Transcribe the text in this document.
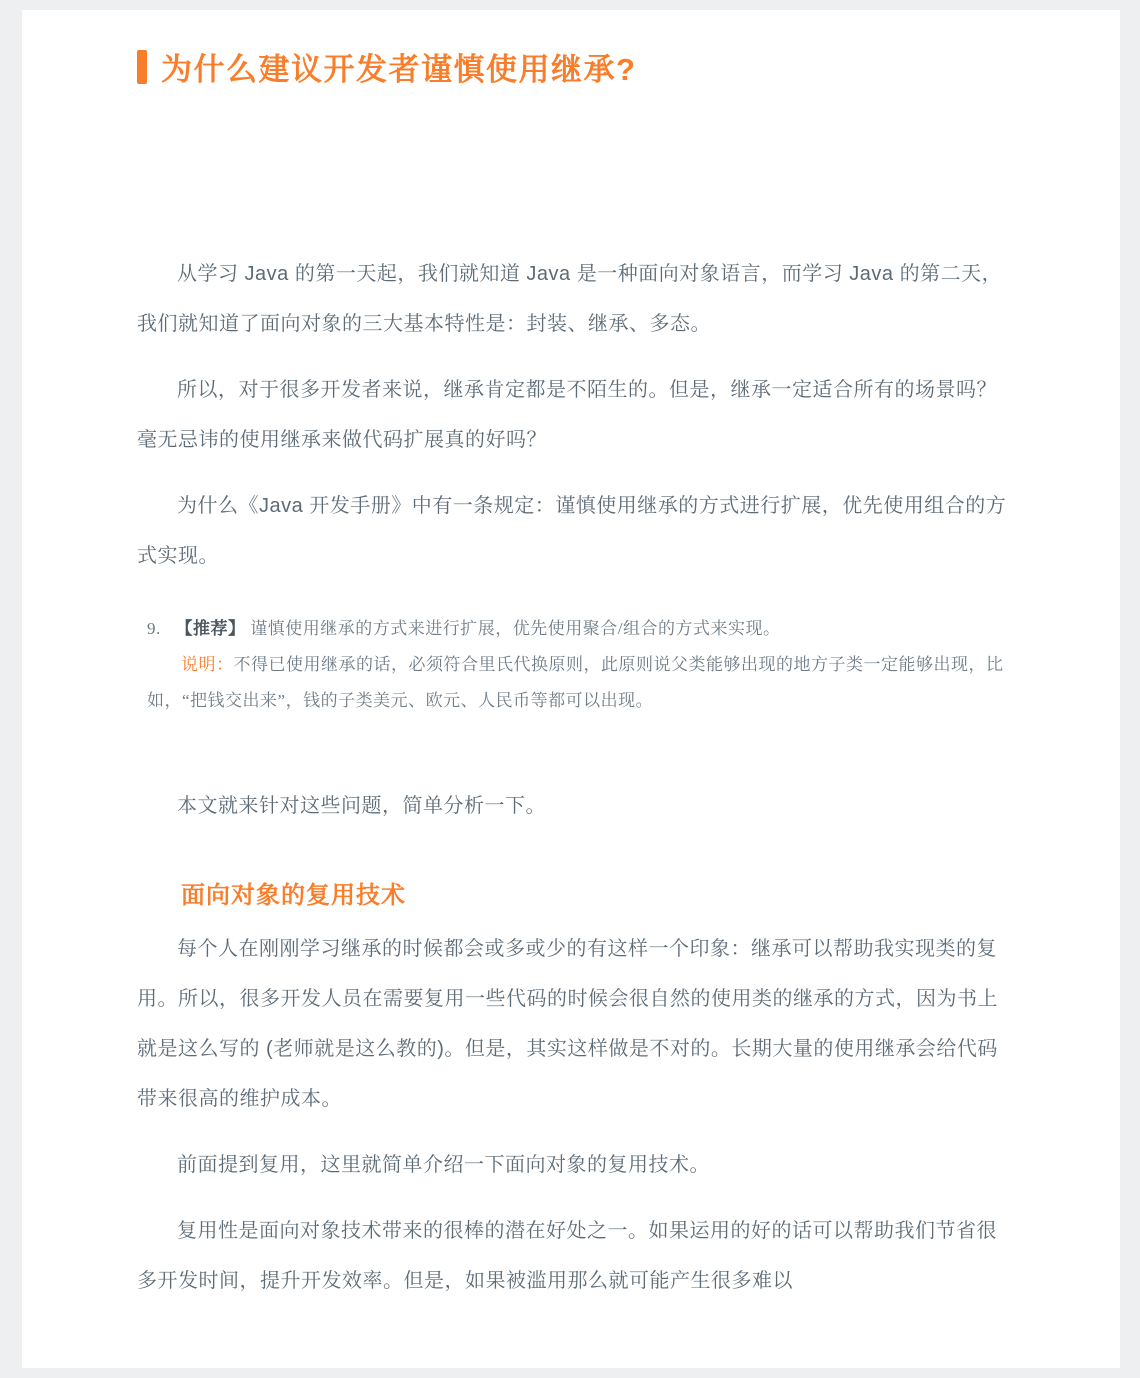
为什么建议开发者谨慎使用继承?

从学习 Java 的第一天起，我们就知道 Java 是一种面向对象语言，而学习 Java 的第二天，我们就知道了面向对象的三大基本特性是：封装、继承、多态。

所以，对于很多开发者来说，继承肯定都是不陌生的。但是，继承一定适合所有的场景吗？毫无忌讳的使用继承来做代码扩展真的好吗？

为什么《Java 开发手册》中有一条规定：谨慎使用继承的方式进行扩展，优先使用组合的方式实现。

9. 【推荐】 谨慎使用继承的方式来进行扩展，优先使用聚合/组合的方式来实现。
说明：不得已使用继承的话，必须符合里氏代换原则，此原则说父类能够出现的地方子类一定能够出现，比如，“把钱交出来”，钱的子类美元、欧元、人民币等都可以出现。

本文就来针对这些问题，简单分析一下。

面向对象的复用技术

每个人在刚刚学习继承的时候都会或多或少的有这样一个印象：继承可以帮助我实现类的复用。所以，很多开发人员在需要复用一些代码的时候会很自然的使用类的继承的方式，因为书上就是这么写的 (老师就是这么教的)。但是，其实这样做是不对的。长期大量的使用继承会给代码带来很高的维护成本。

前面提到复用，这里就简单介绍一下面向对象的复用技术。

复用性是面向对象技术带来的很棒的潜在好处之一。如果运用的好的话可以帮助我们节省很多开发时间，提升开发效率。但是，如果被滥用那么就可能产生很多难以
